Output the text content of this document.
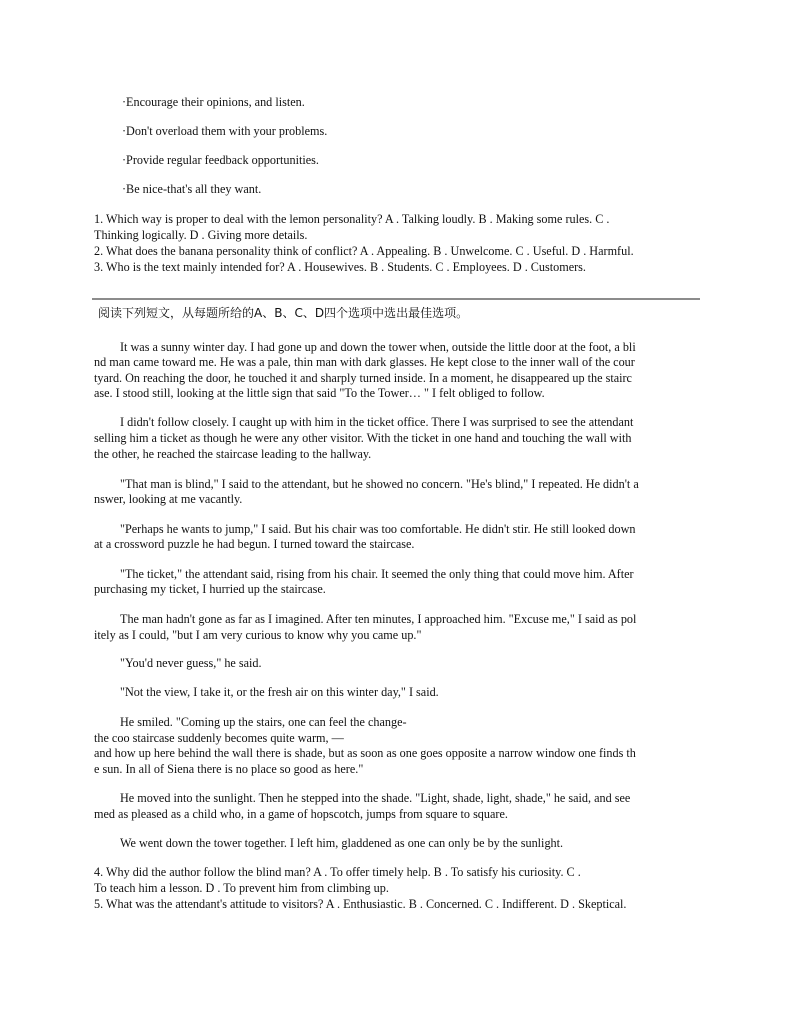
·Encourage their opinions, and listen.
·Don't overload them with your problems.
·Provide regular feedback opportunities.
·Be nice-that's all they want.
1. Which way is proper to deal with the lemon personality? A . Talking loudly. B . Making some rules. C .
Thinking logically. D . Giving more details.
2. What does the banana personality think of conflict? A . Appealing. B . Unwelcome. C . Useful. D . Harmful.
3. Who is the text mainly intended for? A . Housewives. B . Students. C . Employees. D . Customers.
阅读下列短文，从每题所给的A、B、C、D四个选项中选出最佳选项。
It was a sunny winter day. I had gone up and down the tower when, outside the little door at the foot, a bli
nd man came toward me. He was a pale, thin man with dark glasses. He kept close to the inner wall of the cour
tyard. On reaching the door, he touched it and sharply turned inside. In a moment, he disappeared up the stairc
ase. I stood still, looking at the little sign that said "To the Tower… " I felt obliged to follow.
I didn't follow closely. I caught up with him in the ticket office. There I was surprised to see the attendant
selling him a ticket as though he were any other visitor. With the ticket in one hand and touching the wall with
the other, he reached the staircase leading to the hallway.
"That man is blind," I said to the attendant, but he showed no concern. "He's blind," I repeated. He didn't a
nswer, looking at me vacantly.
"Perhaps he wants to jump," I said. But his chair was too comfortable. He didn't stir. He still looked down
at a crossword puzzle he had begun. I turned toward the staircase.
"The ticket," the attendant said, rising from his chair. It seemed the only thing that could move him. After
purchasing my ticket, I hurried up the staircase.
The man hadn't gone as far as I imagined. After ten minutes, I approached him. "Excuse me," I said as pol
itely as I could, "but I am very curious to know why you came up."
"You'd never guess," he said.
"Not the view, I take it, or the fresh air on this winter day," I said.
He smiled. "Coming up the stairs, one can feel the change-
the coo staircase suddenly becomes quite warm, —
and how up here behind the wall there is shade, but as soon as one goes opposite a narrow window one finds th
e sun. In all of Siena there is no place so good as here."
He moved into the sunlight. Then he stepped into the shade. "Light, shade, light, shade," he said, and see
med as pleased as a child who, in a game of hopscotch, jumps from square to square.
We went down the tower together. I left him, gladdened as one can only be by the sunlight.
4. Why did the author follow the blind man? A . To offer timely help. B . To satisfy his curiosity. C .
To teach him a lesson. D . To prevent him from climbing up.
5. What was the attendant's attitude to visitors? A . Enthusiastic. B . Concerned. C . Indifferent. D . Skeptical.
